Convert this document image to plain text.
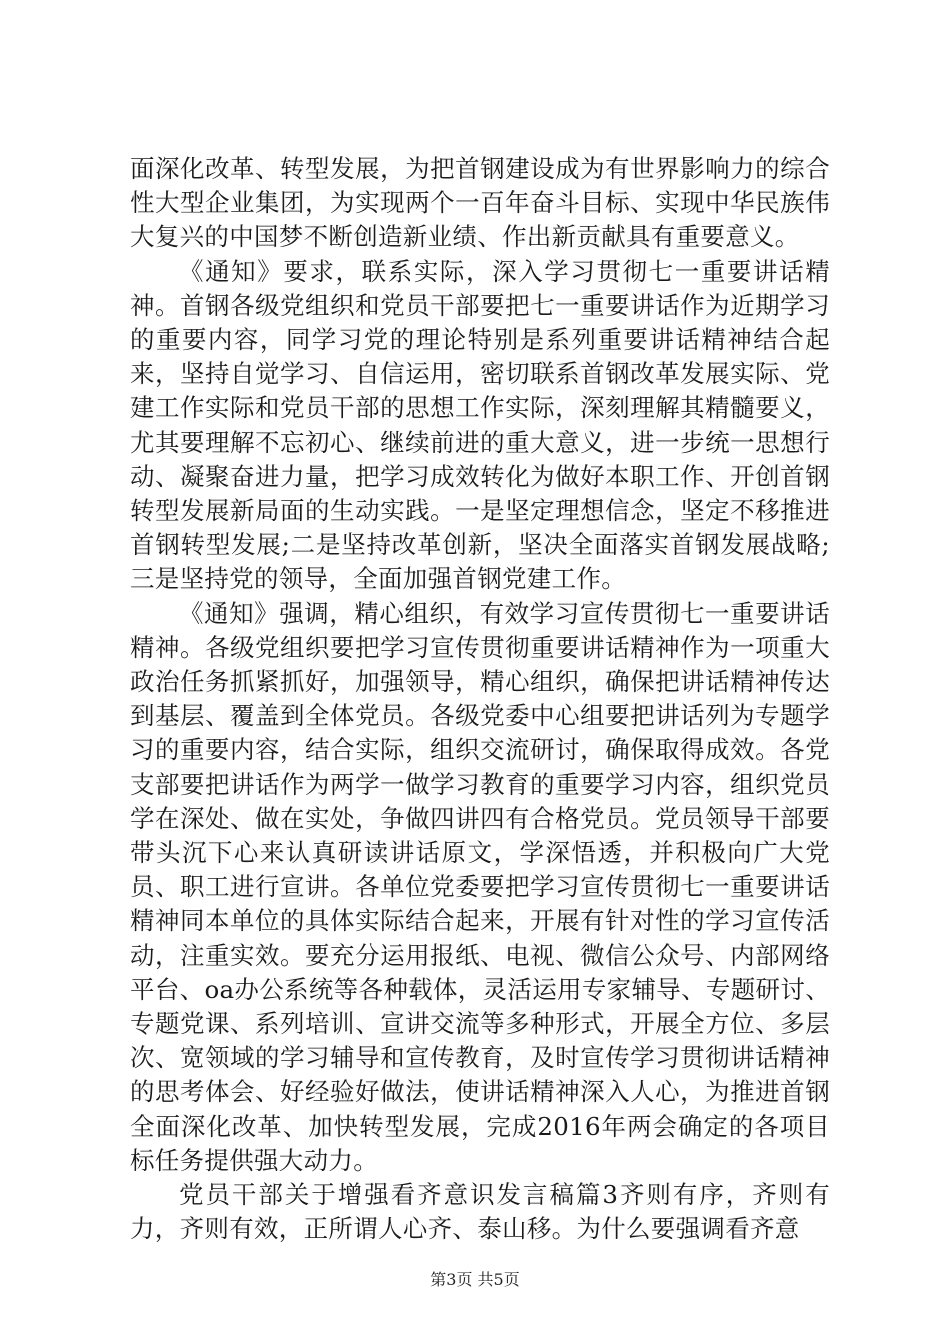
面深化改革、转型发展，为把首钢建设成为有世界影响力的综合性大型企业集团，为实现两个一百年奋斗目标、实现中华民族伟大复兴的中国梦不断创造新业绩、作出新贡献具有重要意义。

《通知》要求，联系实际，深入学习贯彻七一重要讲话精神。首钢各级党组织和党员干部要把七一重要讲话作为近期学习的重要内容，同学习党的理论特别是系列重要讲话精神结合起来，坚持自觉学习、自信运用，密切联系首钢改革发展实际、党建工作实际和党员干部的思想工作实际，深刻理解其精髓要义，尤其要理解不忘初心、继续前进的重大意义，进一步统一思想行动、凝聚奋进力量，把学习成效转化为做好本职工作、开创首钢转型发展新局面的生动实践。一是坚定理想信念，坚定不移推进首钢转型发展;二是坚持改革创新，坚决全面落实首钢发展战略;三是坚持党的领导，全面加强首钢党建工作。

《通知》强调，精心组织，有效学习宣传贯彻七一重要讲话精神。各级党组织要把学习宣传贯彻重要讲话精神作为一项重大政治任务抓紧抓好，加强领导，精心组织，确保把讲话精神传达到基层、覆盖到全体党员。各级党委中心组要把讲话列为专题学习的重要内容，结合实际，组织交流研讨，确保取得成效。各党支部要把讲话作为两学一做学习教育的重要学习内容，组织党员学在深处、做在实处，争做四讲四有合格党员。党员领导干部要带头沉下心来认真研读讲话原文，学深悟透，并积极向广大党员、职工进行宣讲。各单位党委要把学习宣传贯彻七一重要讲话精神同本单位的具体实际结合起来，开展有针对性的学习宣传活动，注重实效。要充分运用报纸、电视、微信公众号、内部网络平台、oa办公系统等各种载体，灵活运用专家辅导、专题研讨、专题党课、系列培训、宣讲交流等多种形式，开展全方位、多层次、宽领域的学习辅导和宣传教育，及时宣传学习贯彻讲话精神的思考体会、好经验好做法，使讲话精神深入人心，为推进首钢全面深化改革、加快转型发展，完成2016年两会确定的各项目标任务提供强大动力。

党员干部关于增强看齐意识发言稿篇3齐则有序，齐则有力，齐则有效，正所谓人心齐、泰山移。为什么要强调看齐意

第3页 共5页
